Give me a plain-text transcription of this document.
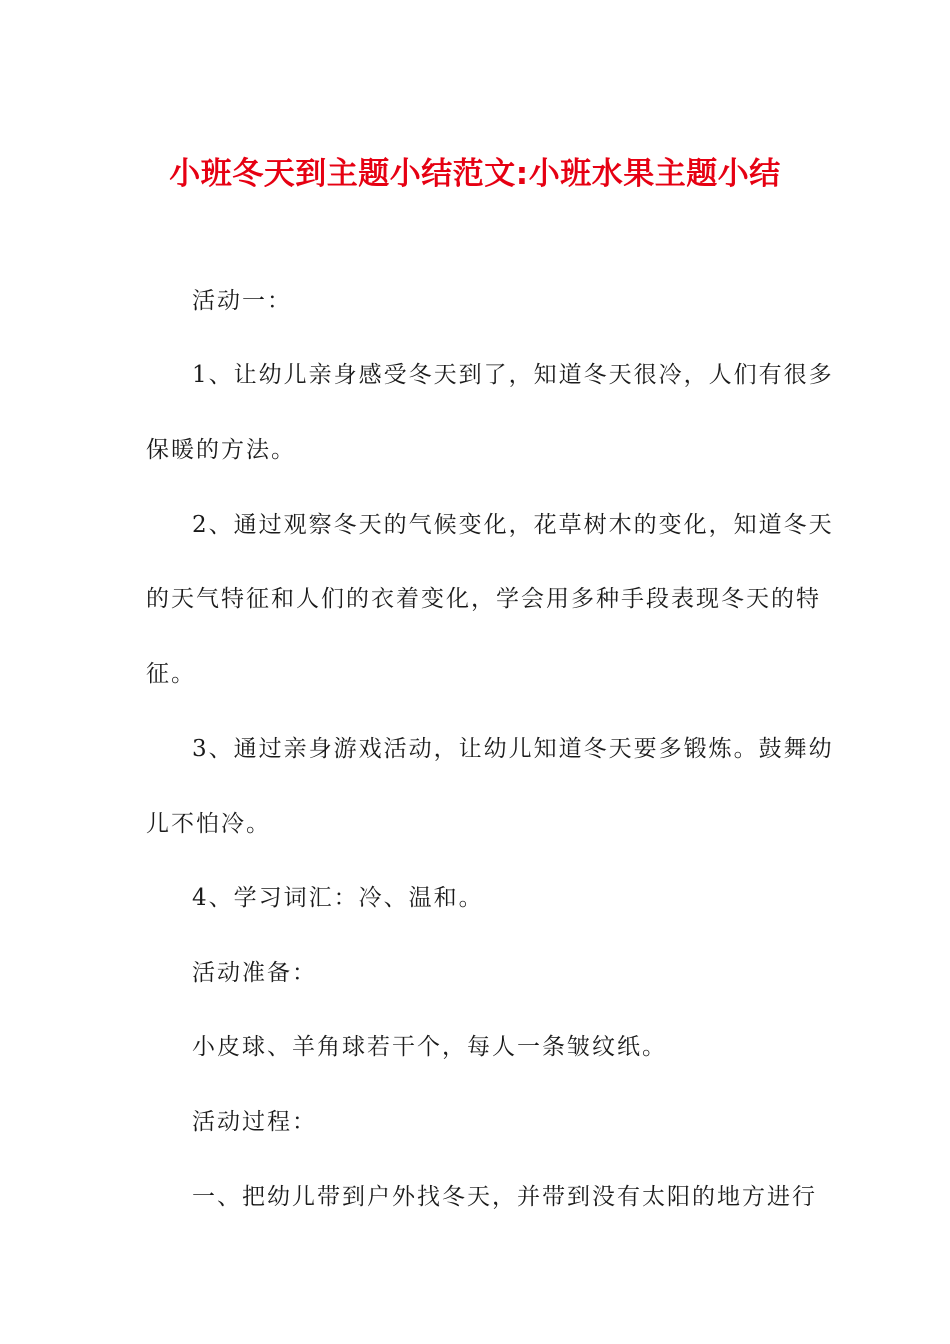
小班冬天到主题小结范文:小班水果主题小结
活动一：
1、让幼儿亲身感受冬天到了，知道冬天很冷，人们有很多
保暖的方法。
2、通过观察冬天的气候变化，花草树木的变化，知道冬天
的天气特征和人们的衣着变化，学会用多种手段表现冬天的特
征。
3、通过亲身游戏活动，让幼儿知道冬天要多锻炼。鼓舞幼
儿不怕冷。
4、学习词汇：冷、温和。
活动准备：
小皮球、羊角球若干个，每人一条皱纹纸。
活动过程：
一、把幼儿带到户外找冬天，并带到没有太阳的地方进行
